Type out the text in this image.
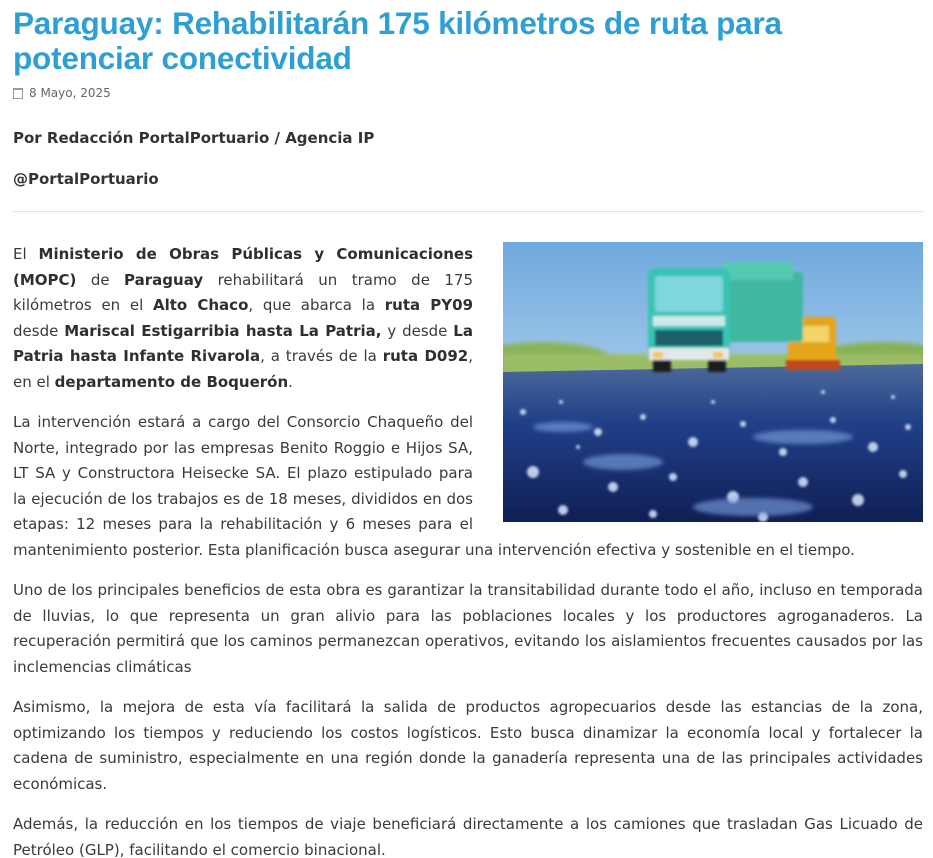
Paraguay: Rehabilitarán 175 kilómetros de ruta para potenciar conectividad
8 Mayo, 2025
Por Redacción PortalPortuario / Agencia IP
@PortalPortuario

El Ministerio de Obras Públicas y Comunicaciones (MOPC) de Paraguay rehabilitará un tramo de 175 kilómetros en el Alto Chaco, que abarca la ruta PY09 desde Mariscal Estigarribia hasta La Patria, y desde La Patria hasta Infante Rivarola, a través de la ruta D092, en el departamento de Boquerón.

La intervención estará a cargo del Consorcio Chaqueño del Norte, integrado por las empresas Benito Roggio e Hijos SA, LT SA y Constructora Heisecke SA. El plazo estipulado para la ejecución de los trabajos es de 18 meses, divididos en dos etapas: 12 meses para la rehabilitación y 6 meses para el mantenimiento posterior. Esta planificación busca asegurar una intervención efectiva y sostenible en el tiempo.

Uno de los principales beneficios de esta obra es garantizar la transitabilidad durante todo el año, incluso en temporada de lluvias, lo que representa un gran alivio para las poblaciones locales y los productores agroganaderos. La recuperación permitirá que los caminos permanezcan operativos, evitando los aislamientos frecuentes causados por las inclemencias climáticas

Asimismo, la mejora de esta vía facilitará la salida de productos agropecuarios desde las estancias de la zona, optimizando los tiempos y reduciendo los costos logísticos. Esto busca dinamizar la economía local y fortalecer la cadena de suministro, especialmente en una región donde la ganadería representa una de las principales actividades económicas.

Además, la reducción en los tiempos de viaje beneficiará directamente a los camiones que trasladan Gas Licuado de Petróleo (GLP), facilitando el comercio binacional.
